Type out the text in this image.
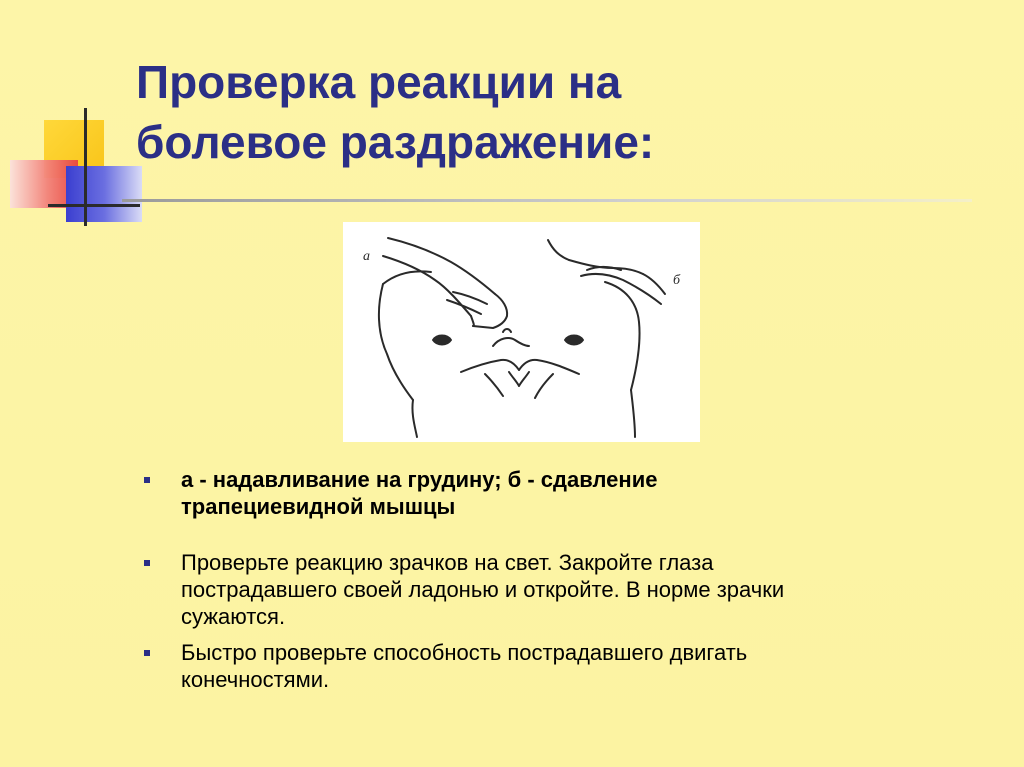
Проверка реакции на
болевое раздражение:
а
б
а - надавливание на грудину; б - сдавление
трапециевидной мышцы
Проверьте реакцию зрачков на свет. Закройте глаза
пострадавшего своей ладонью и откройте. В норме зрачки
сужаются.
Быстро проверьте способность пострадавшего двигать
конечностями.
